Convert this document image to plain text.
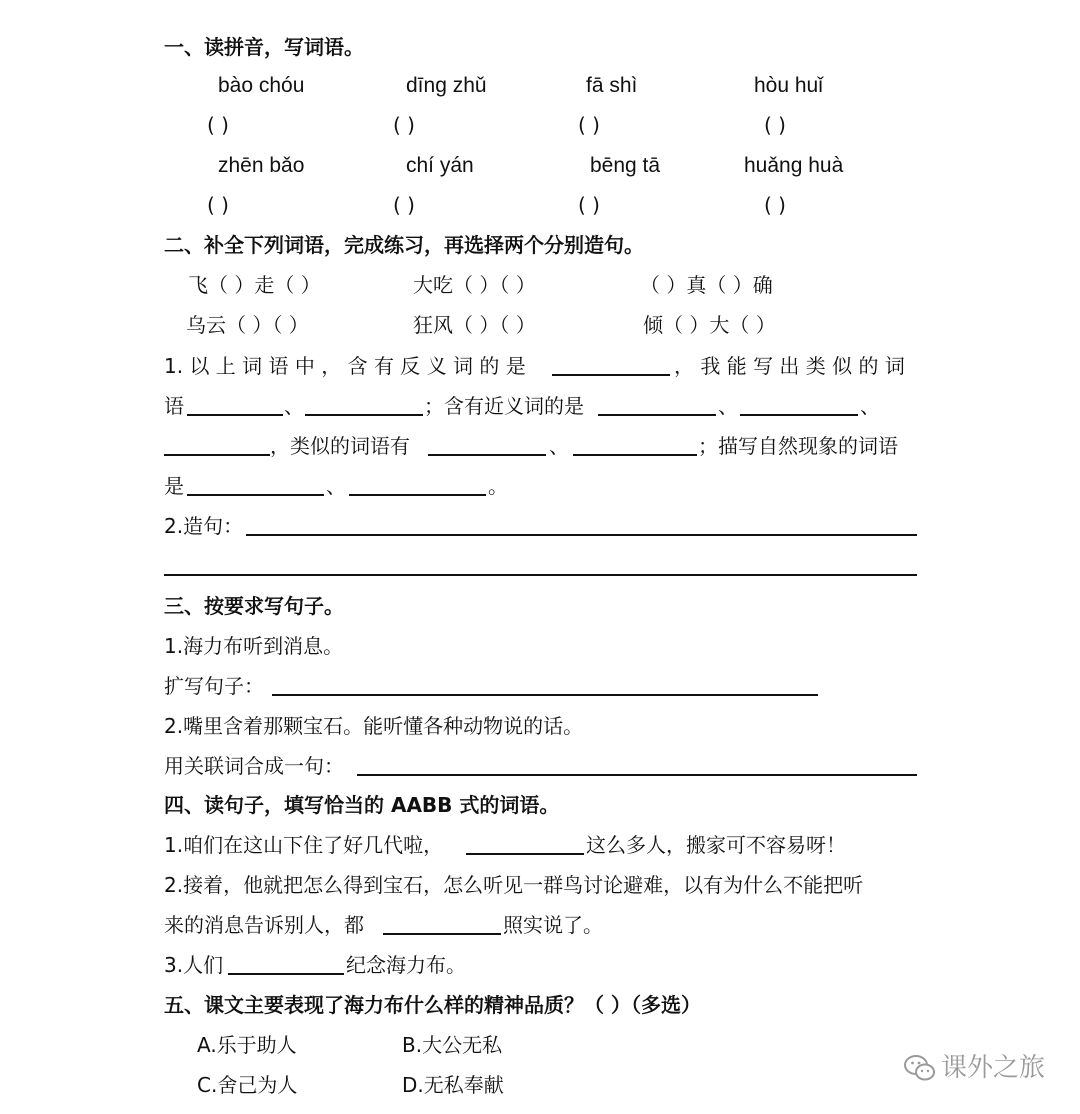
一、读拼音，写词语。
bào chóu	dīng zhǔ	fā shì	hòu huǐ
( )	( )	( )	( )
zhēn bǎo	chí yán	bēng tā	huǎng huà
( )	( )	( )	( )
二、补全下列词语，完成练习，再选择两个分别造句。
飞（ ）走（ ）	大吃（ ）（ ）	（ ）真（ ）确
乌云（ ）（ ）	狂风（ ）（ ）	倾（ ）大（ ）
1. 以 上 词 语 中 ， 含 有 反 义 词 的 是	， 我 能 写 出 类 似 的 词
语	、	；含有近义词的是	、	、
，类似的词语有	、	；描写自然现象的词语
是	、	。
2.造句：
三、按要求写句子。
1.海力布听到消息。
扩写句子：
2.嘴里含着那颗宝石。能听懂各种动物说的话。
用关联词合成一句：
四、读句子，填写恰当的 AABB 式的词语。
1.咱们在这山下住了好几代啦，	这么多人，搬家可不容易呀！
2.接着，他就把怎么得到宝石，怎么听见一群鸟讨论避难，以有为什么不能把听
来的消息告诉别人，都	照实说了。
3.人们	纪念海力布。
五、课文主要表现了海力布什么样的精神品质？（ ）（多选）
A.乐于助人	B.大公无私
C.舍己为人	D.无私奉献
课外之旅
